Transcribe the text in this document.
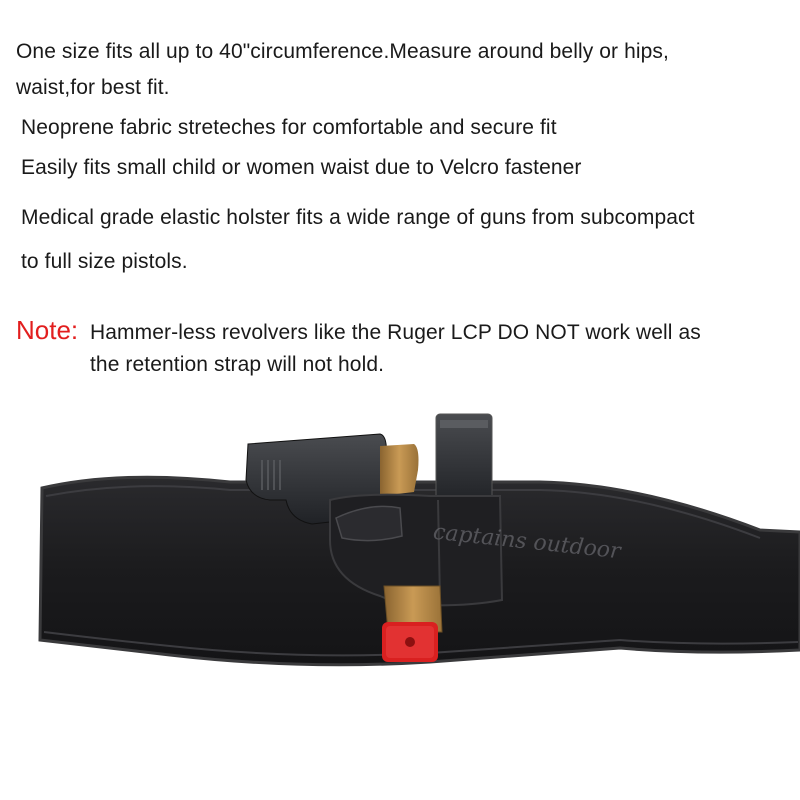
One size fits all up to 40"circumference.Measure around belly or hips,
waist,for best fit.
Neoprene fabric streteches for comfortable and secure fit
Easily fits small child or women waist due to Velcro fastener
Medical grade elastic holster fits a wide range of guns from subcompact
to full size pistols.
Note: Hammer-less revolvers like the Ruger LCP DO NOT work well as
the retention strap will not hold.
captains outdoor
